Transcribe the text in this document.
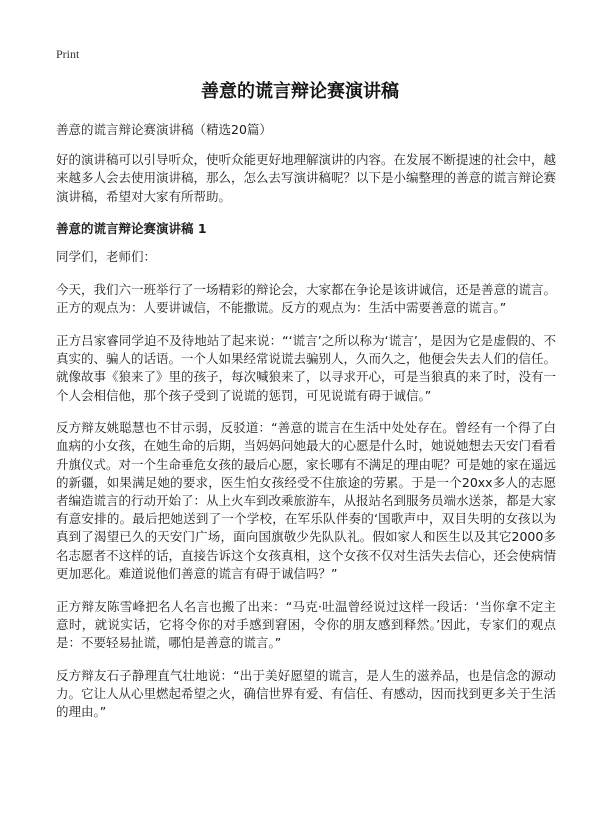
Print
善意的谎言辩论赛演讲稿

善意的谎言辩论赛演讲稿（精选20篇）

好的演讲稿可以引导听众，使听众能更好地理解演讲的内容。在发展不断提速的社会中，越来越多人会去使用演讲稿，那么，怎么去写演讲稿呢？以下是小编整理的善意的谎言辩论赛演讲稿，希望对大家有所帮助。

善意的谎言辩论赛演讲稿 1

同学们，老师们：

今天，我们六一班举行了一场精彩的辩论会，大家都在争论是该讲诚信，还是善意的谎言。正方的观点为：人要讲诚信，不能撒谎。反方的观点为：生活中需要善意的谎言。”

正方吕家睿同学迫不及待地站了起来说：“‘谎言’之所以称为‘谎言’，是因为它是虚假的、不真实的、骗人的话语。一个人如果经常说谎去骗别人，久而久之，他便会失去人们的信任。就像故事《狼来了》里的孩子，每次喊狼来了，以寻求开心，可是当狼真的来了时，没有一个人会相信他，那个孩子受到了说谎的惩罚，可见说谎有碍于诚信。”

反方辩友姚聪慧也不甘示弱，反驳道：“善意的谎言在生活中处处存在。曾经有一个得了白血病的小女孩，在她生命的后期，当妈妈问她最大的心愿是什么时，她说她想去天安门看看升旗仪式。对一个生命垂危女孩的最后心愿，家长哪有不满足的理由呢？可是她的家在遥远的新疆，如果满足她的要求，医生怕女孩经受不住旅途的劳累。于是一个20xx多人的志愿者编造谎言的行动开始了：从上火车到改乘旅游车，从报站名到服务员端水送茶，都是大家有意安排的。最后把她送到了一个学校，在军乐队伴奏的‘国歌声中，双目失明的女孩以为真到了渴望已久的天安门广场，面向国旗敬少先队队礼。假如家人和医生以及其它2000多名志愿者不这样的话，直接告诉这个女孩真相，这个女孩不仅对生活失去信心，还会使病情更加恶化。难道说他们善意的谎言有碍于诚信吗？”

正方辩友陈雪峰把名人名言也搬了出来：“马克·吐温曾经说过这样一段话：‘当你拿不定主意时，就说实话，它将令你的对手感到窘困，令你的朋友感到释然。’因此，专家们的观点是：不要轻易扯谎，哪怕是善意的谎言。”

反方辩友石子静理直气壮地说：“出于美好愿望的谎言，是人生的滋养品，也是信念的源动力。它让人从心里燃起希望之火，确信世界有爱、有信任、有感动，因而找到更多关于生活的理由。”
